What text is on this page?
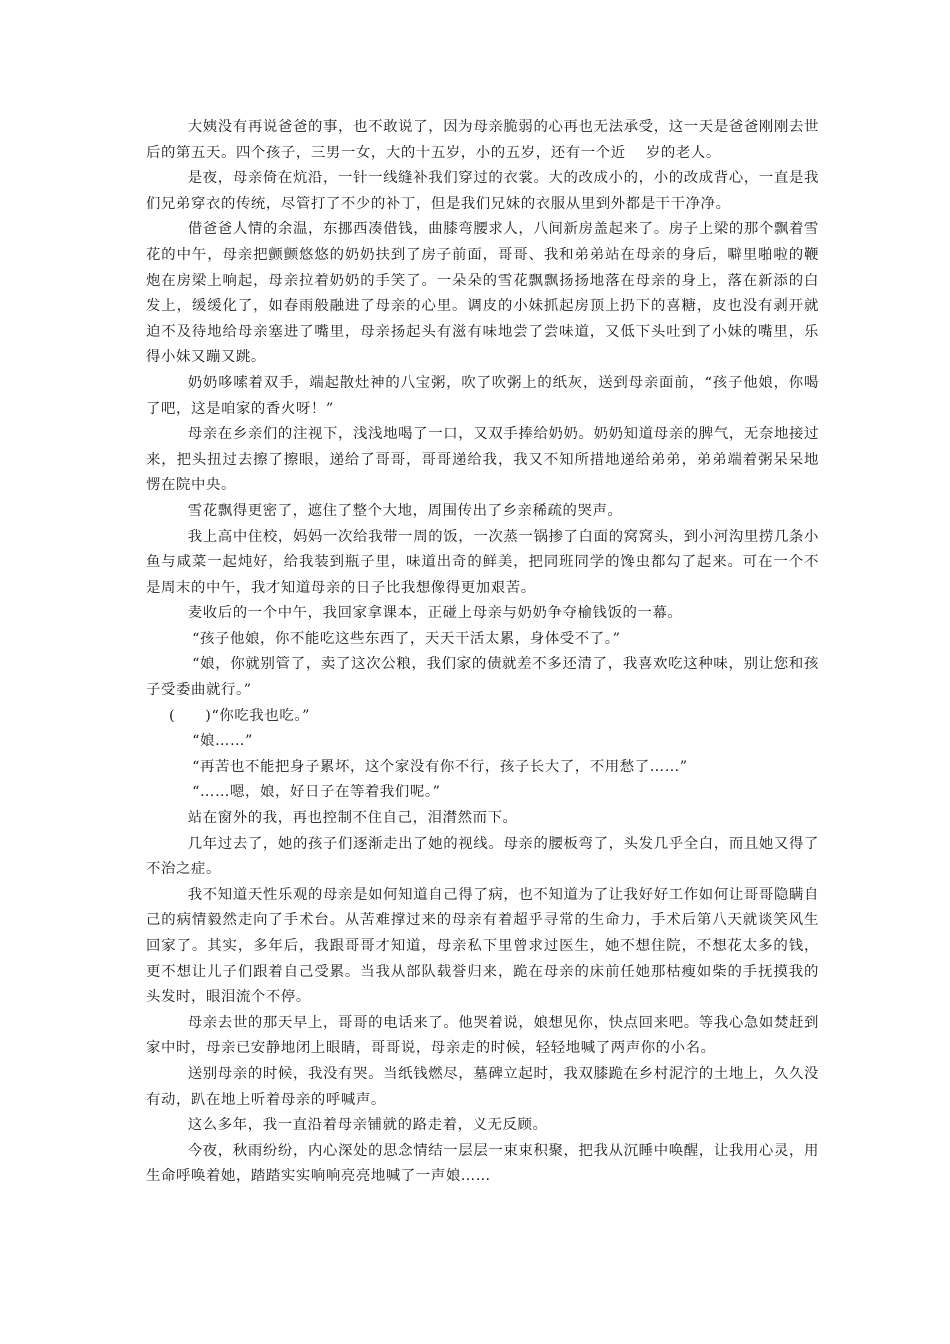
大姨没有再说爸爸的事，也不敢说了，因为母亲脆弱的心再也无法承受，这一天是爸爸刚刚去世后的第五天。四个孩子，三男一女，大的十五岁，小的五岁，还有一个近　 岁的老人。

是夜，母亲倚在炕沿，一针一线缝补我们穿过的衣裳。大的改成小的，小的改成背心，一直是我们兄弟穿衣的传统，尽管打了不少的补丁，但是我们兄妹的衣服从里到外都是干干净净。

借爸爸人情的余温，东挪西凑借钱，曲膝弯腰求人，八间新房盖起来了。房子上梁的那个飘着雪花的中午，母亲把颤颤悠悠的奶奶扶到了房子前面，哥哥、我和弟弟站在母亲的身后，噼里啪啦的鞭炮在房梁上响起，母亲拉着奶奶的手笑了。一朵朵的雪花飘飘扬扬地落在母亲的身上，落在新添的白发上，缓缓化了，如春雨般融进了母亲的心里。调皮的小妹抓起房顶上扔下的喜糖，皮也没有剥开就迫不及待地给母亲塞进了嘴里，母亲扬起头有滋有味地尝了尝味道，又低下头吐到了小妹的嘴里，乐得小妹又蹦又跳。

奶奶哆嗦着双手，端起散灶神的八宝粥，吹了吹粥上的纸灰，送到母亲面前，“孩子他娘，你喝了吧，这是咱家的香火呀！”

母亲在乡亲们的注视下，浅浅地喝了一口，又双手捧给奶奶。奶奶知道母亲的脾气，无奈地接过来，把头扭过去擦了擦眼，递给了哥哥，哥哥递给我，我又不知所措地递给弟弟，弟弟端着粥呆呆地愣在院中央。

雪花飘得更密了，遮住了整个大地，周围传出了乡亲稀疏的哭声。

我上高中住校，妈妈一次给我带一周的饭，一次蒸一锅掺了白面的窝窝头，到小河沟里捞几条小鱼与咸菜一起炖好，给我装到瓶子里，味道出奇的鲜美，把同班同学的馋虫都勾了起来。可在一个不是周末的中午，我才知道母亲的日子比我想像得更加艰苦。

麦收后的一个中午，我回家拿课本，正碰上母亲与奶奶争夺榆钱饭的一幕。

“孩子他娘，你不能吃这些东西了，天天干活太累，身体受不了。”

“娘，你就别管了，卖了这次公粮，我们家的债就差不多还清了，我喜欢吃这种味，别让您和孩子受委曲就行。”

(　　)“你吃我也吃。”

“娘……”

“再苦也不能把身子累坏，这个家没有你不行，孩子长大了，不用愁了……”

“……嗯，娘，好日子在等着我们呢。”

站在窗外的我，再也控制不住自己，泪潸然而下。

几年过去了，她的孩子们逐渐走出了她的视线。母亲的腰板弯了，头发几乎全白，而且她又得了不治之症。

我不知道天性乐观的母亲是如何知道自己得了病，也不知道为了让我好好工作如何让哥哥隐瞒自己的病情毅然走向了手术台。从苦难撑过来的母亲有着超乎寻常的生命力，手术后第八天就谈笑风生回家了。其实，多年后，我跟哥哥才知道，母亲私下里曾求过医生，她不想住院，不想花太多的钱，更不想让儿子们跟着自己受累。当我从部队载誉归来，跪在母亲的床前任她那枯瘦如柴的手抚摸我的头发时，眼泪流个不停。

母亲去世的那天早上，哥哥的电话来了。他哭着说，娘想见你，快点回来吧。等我心急如焚赶到家中时，母亲已安静地闭上眼睛，哥哥说，母亲走的时候，轻轻地喊了两声你的小名。

送别母亲的时候，我没有哭。当纸钱燃尽，墓碑立起时，我双膝跪在乡村泥泞的土地上，久久没有动，趴在地上听着母亲的呼喊声。

这么多年，我一直沿着母亲铺就的路走着，义无反顾。

今夜，秋雨纷纷，内心深处的思念情结一层层一束束积聚，把我从沉睡中唤醒，让我用心灵，用生命呼唤着她，踏踏实实响响亮亮地喊了一声娘……
